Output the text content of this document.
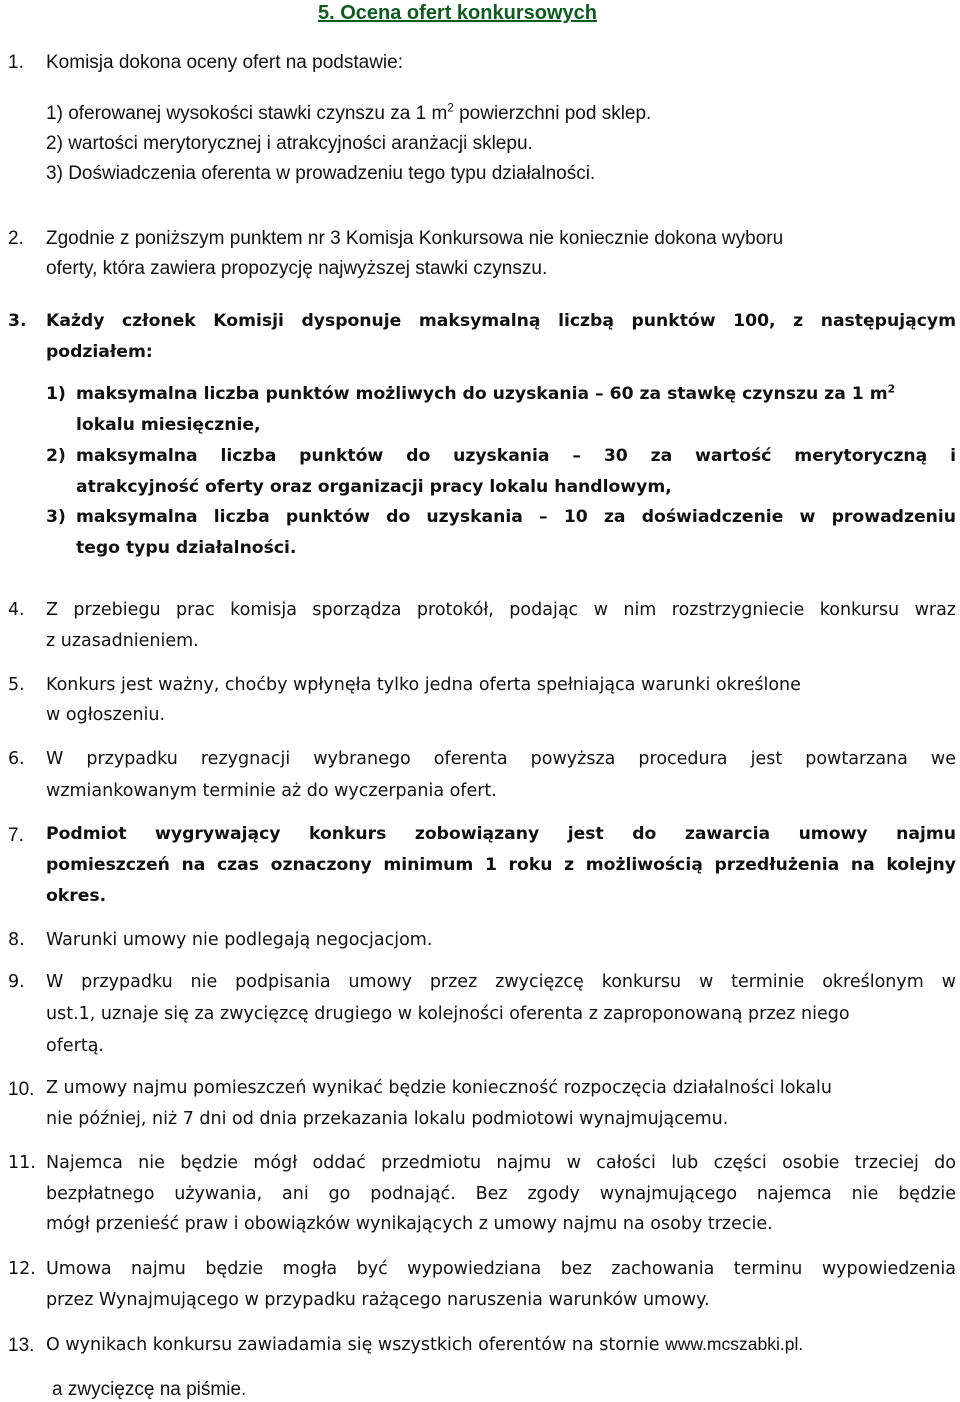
5. Ocena ofert konkursowych
1. Komisja dokona oceny ofert na podstawie:
1) oferowanej wysokości stawki czynszu za 1 $m^2$ powierzchni pod sklep.
2) wartości merytorycznej i atrakcyjności aranżacji sklepu.
3) Doświadczenia oferenta w prowadzeniu tego typu działalności.
2. Zgodnie z poniższym punktem nr 3 Komisja Konkursowa nie koniecznie dokona wyboru
oferty, która zawiera propozycję najwyższej stawki czynszu.
3. Każdy członek Komisji dysponuje maksymalną liczbą punktów 100, z następującym
podziałem:
1) maksymalna liczba punktów możliwych do uzyskania – 60 za stawkę czynszu za 1 $m^2$
lokalu miesięcznie,
2) maksymalna liczba punktów do uzyskania – 30 za wartość merytoryczną i
atrakcyjność oferty oraz organizacji pracy lokalu handlowym,
3) maksymalna liczba punktów do uzyskania – 10 za doświadczenie w prowadzeniu
tego typu działalności.
4. Z przebiegu prac komisja sporządza protokół, podając w nim rozstrzygniecie konkursu wraz
z uzasadnieniem.
5. Konkurs jest ważny, choćby wpłynęła tylko jedna oferta spełniająca warunki określone
w ogłoszeniu.
6. W przypadku rezygnacji wybranego oferenta powyższa procedura jest powtarzana we
wzmiankowanym terminie aż do wyczerpania ofert.
7. Podmiot wygrywający konkurs zobowiązany jest do zawarcia umowy najmu
pomieszczeń na czas oznaczony minimum 1 roku z możliwością przedłużenia na kolejny
okres.
8. Warunki umowy nie podlegają negocjacjom.
9. W przypadku nie podpisania umowy przez zwycięzcę konkursu w terminie określonym w
ust.1, uznaje się za zwycięzcę drugiego w kolejności oferenta z zaproponowaną przez niego
ofertą.
10. Z umowy najmu pomieszczeń wynikać będzie konieczność rozpoczęcia działalności lokalu
nie później, niż 7 dni od dnia przekazania lokalu podmiotowi wynajmującemu.
11. Najemca nie będzie mógł oddać przedmiotu najmu w całości lub części osobie trzeciej do
bezpłatnego używania, ani go podnająć. Bez zgody wynajmującego najemca nie będzie
mógł przenieść praw i obowiązków wynikających z umowy najmu na osoby trzecie.
12. Umowa najmu będzie mogła być wypowiedziana bez zachowania terminu wypowiedzenia
przez Wynajmującego w przypadku rażącego naruszenia warunków umowy.
13. O wynikach konkursu zawiadamia się wszystkich oferentów na stornie www.mcszabki.pl.
a zwycięzcę na piśmie.
